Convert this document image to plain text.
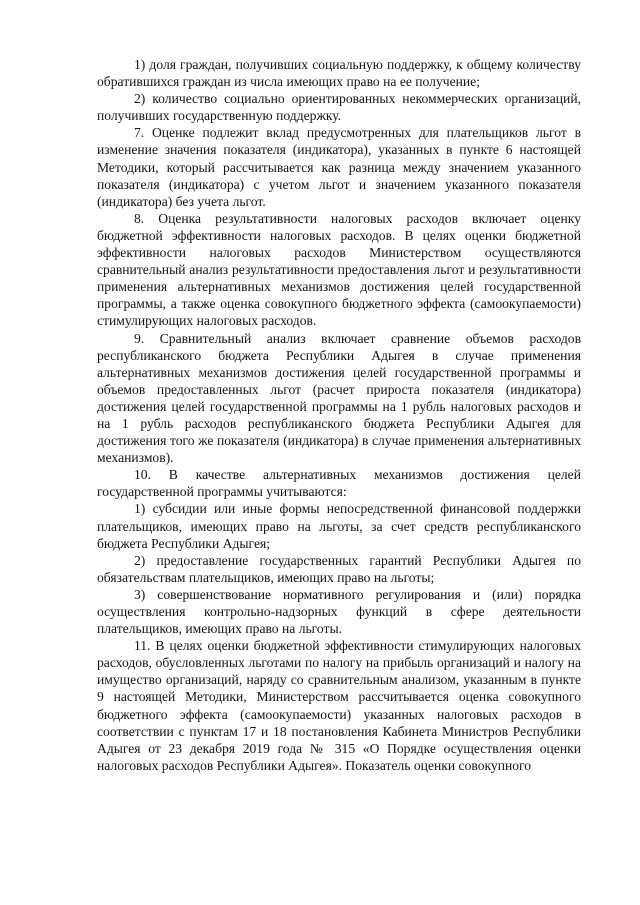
1) доля граждан, получивших социальную поддержку, к общему количеству обратившихся граждан из числа имеющих право на ее получение;

2) количество социально ориентированных некоммерческих организаций, получивших государственную поддержку.

7. Оценке подлежит вклад предусмотренных для плательщиков льгот в изменение значения показателя (индикатора), указанных в пункте 6 настоящей Методики, который рассчитывается как разница между значением указанного показателя (индикатора) с учетом льгот и значением указанного показателя (индикатора) без учета льгот.

8. Оценка результативности налоговых расходов включает оценку бюджетной эффективности налоговых расходов. В целях оценки бюджетной эффективности налоговых расходов Министерством осуществляются сравнительный анализ результативности предоставления льгот и результативности применения альтернативных механизмов достижения целей государственной программы, а также оценка совокупного бюджетного эффекта (самоокупаемости) стимулирующих налоговых расходов.

9. Сравнительный анализ включает сравнение объемов расходов республиканского бюджета Республики Адыгея в случае применения альтернативных механизмов достижения целей государственной программы и объемов предоставленных льгот (расчет прироста показателя (индикатора) достижения целей государственной программы на 1 рубль налоговых расходов и на 1 рубль расходов республиканского бюджета Республики Адыгея для достижения того же показателя (индикатора) в случае применения альтернативных механизмов).

10. В качестве альтернативных механизмов достижения целей государственной программы учитываются:

1) субсидии или иные формы непосредственной финансовой поддержки плательщиков, имеющих право на льготы, за счет средств республиканского бюджета Республики Адыгея;

2) предоставление государственных гарантий Республики Адыгея по обязательствам плательщиков, имеющих право на льготы;

3) совершенствование нормативного регулирования и (или) порядка осуществления контрольно-надзорных функций в сфере деятельности плательщиков, имеющих право на льготы.

11. В целях оценки бюджетной эффективности стимулирующих налоговых расходов, обусловленных льготами по налогу на прибыль организаций и налогу на имущество организаций, наряду со сравнительным анализом, указанным в пункте 9 настоящей Методики, Министерством рассчитывается оценка совокупного бюджетного эффекта (самоокупаемости) указанных налоговых расходов в соответствии с пунктам 17 и 18 постановления Кабинета Министров Республики Адыгея от 23 декабря 2019 года № 315 «О Порядке осуществления оценки налоговых расходов Республики Адыгея». Показатель оценки совокупного
